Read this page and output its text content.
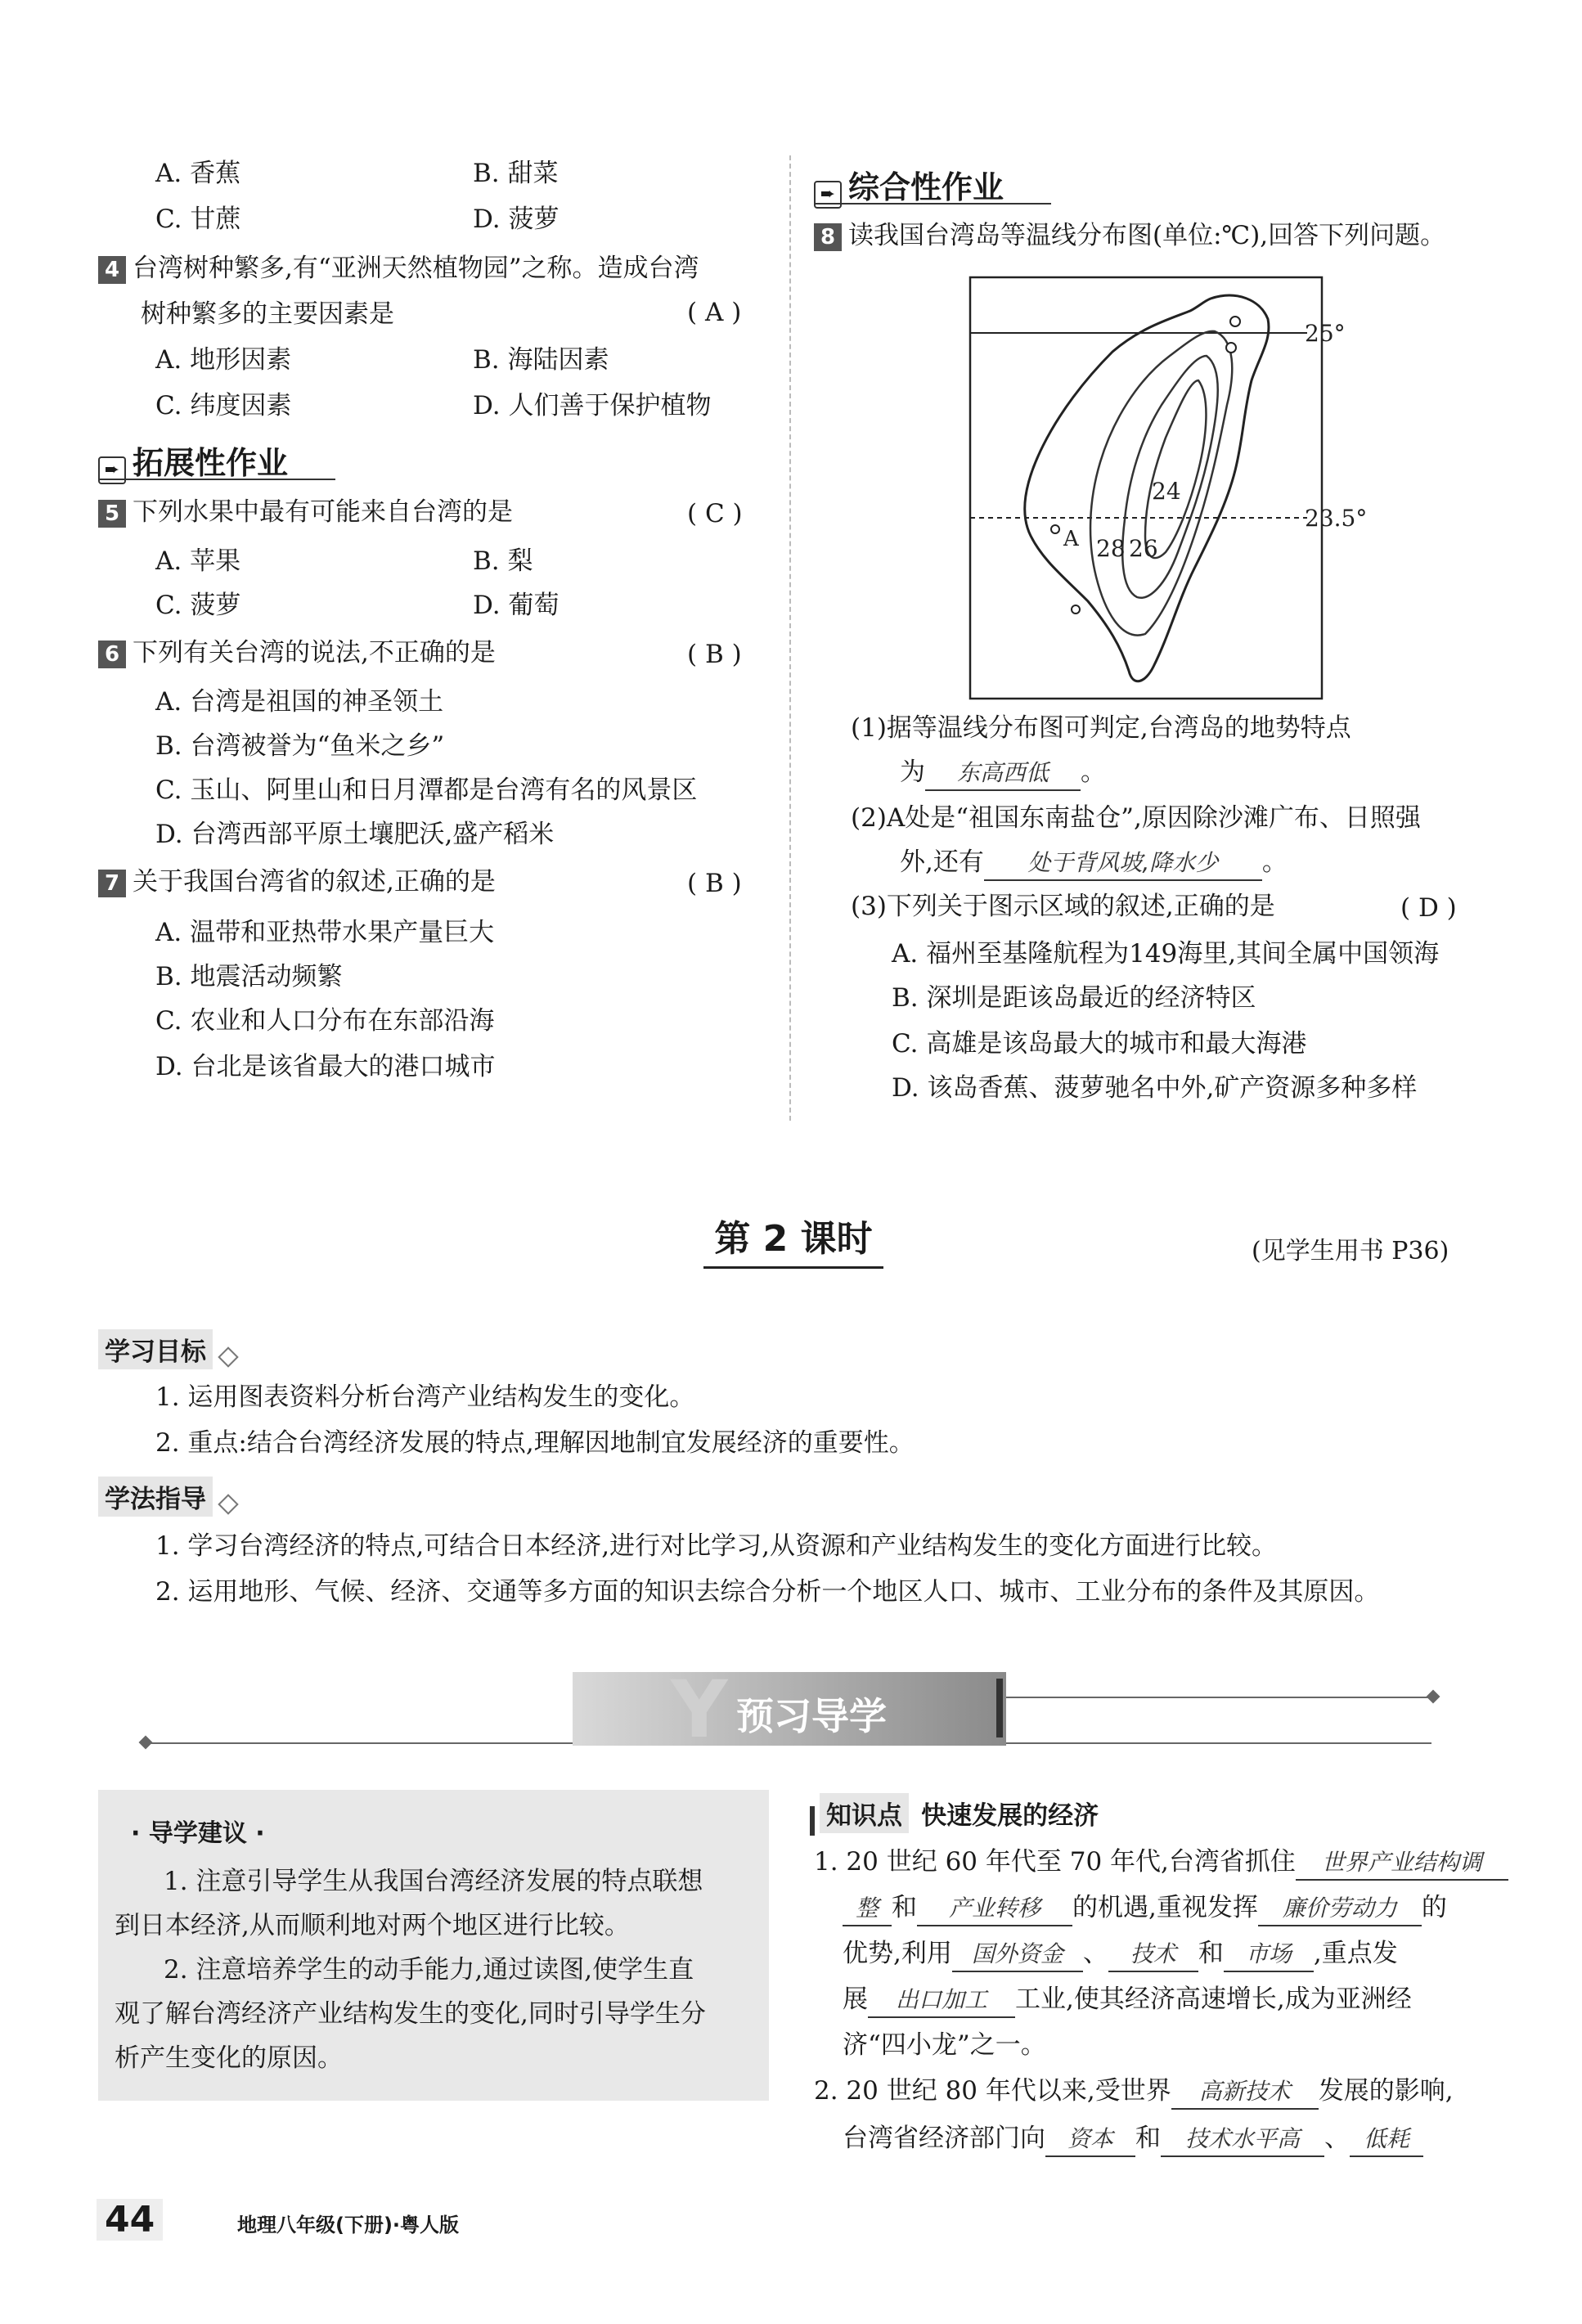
A. 香蕉	B. 甜菜
C. 甘蔗	D. 菠萝
4 台湾树种繁多,有“亚洲天然植物园”之称。造成台湾
树种繁多的主要因素是	( A )
A. 地形因素	B. 海陆因素
C. 纬度因素	D. 人们善于保护植物
➨ 拓展性作业
5 下列水果中最有可能来自台湾的是	( C )
A. 苹果	B. 梨
C. 菠萝	D. 葡萄
6 下列有关台湾的说法,不正确的是	( B )
A. 台湾是祖国的神圣领土
B. 台湾被誉为“鱼米之乡”
C. 玉山、阿里山和日月潭都是台湾有名的风景区
D. 台湾西部平原土壤肥沃,盛产稻米
7 关于我国台湾省的叙述,正确的是	( B )
A. 温带和亚热带水果产量巨大
B. 地震活动频繁
C. 农业和人口分布在东部沿海
D. 台北是该省最大的港口城市
➨ 综合性作业
8 读我国台湾岛等温线分布图(单位:℃),回答下列问题。
25°
23.5°
24
28 26
A
(1)据等温线分布图可判定,台湾岛的地势特点
为 东高西低 。
(2)A处是“祖国东南盐仓”,原因除沙滩广布、日照强
外,还有 处于背风坡,降水少 。
(3)下列关于图示区域的叙述,正确的是	( D )
A. 福州至基隆航程为149海里,其间全属中国领海
B. 深圳是距该岛最近的经济特区
C. 高雄是该岛最大的城市和最大海港
D. 该岛香蕉、菠萝驰名中外,矿产资源多种多样
第 2 课时	(见学生用书 P36)
学习目标
1. 运用图表资料分析台湾产业结构发生的变化。
2. 重点:结合台湾经济发展的特点,理解因地制宜发展经济的重要性。
学法指导
1. 学习台湾经济的特点,可结合日本经济,进行对比学习,从资源和产业结构发生的变化方面进行比较。
2. 运用地形、气候、经济、交通等多方面的知识去综合分析一个地区人口、城市、工业分布的条件及其原因。
Y 预习导学
· 导学建议 ·
1. 注意引导学生从我国台湾经济发展的特点联想
到日本经济,从而顺利地对两个地区进行比较。
2. 注意培养学生的动手能力,通过读图,使学生直
观了解台湾经济产业结构发生的变化,同时引导学生分
析产生变化的原因。
知识点 快速发展的经济
1. 20 世纪 60 年代至 70 年代,台湾省抓住 世界产业结构调
整 和 产业转移 的机遇,重视发挥 廉价劳动力 的
优势,利用 国外资金 、 技术 和 市场 ,重点发
展 出口加工 工业,使其经济高速增长,成为亚洲经
济“四小龙”之一。
2. 20 世纪 80 年代以来,受世界 高新技术 发展的影响,
台湾省经济部门向 资本 和 技术水平高 、 低耗
44	地理八年级(下册)·粤人版
